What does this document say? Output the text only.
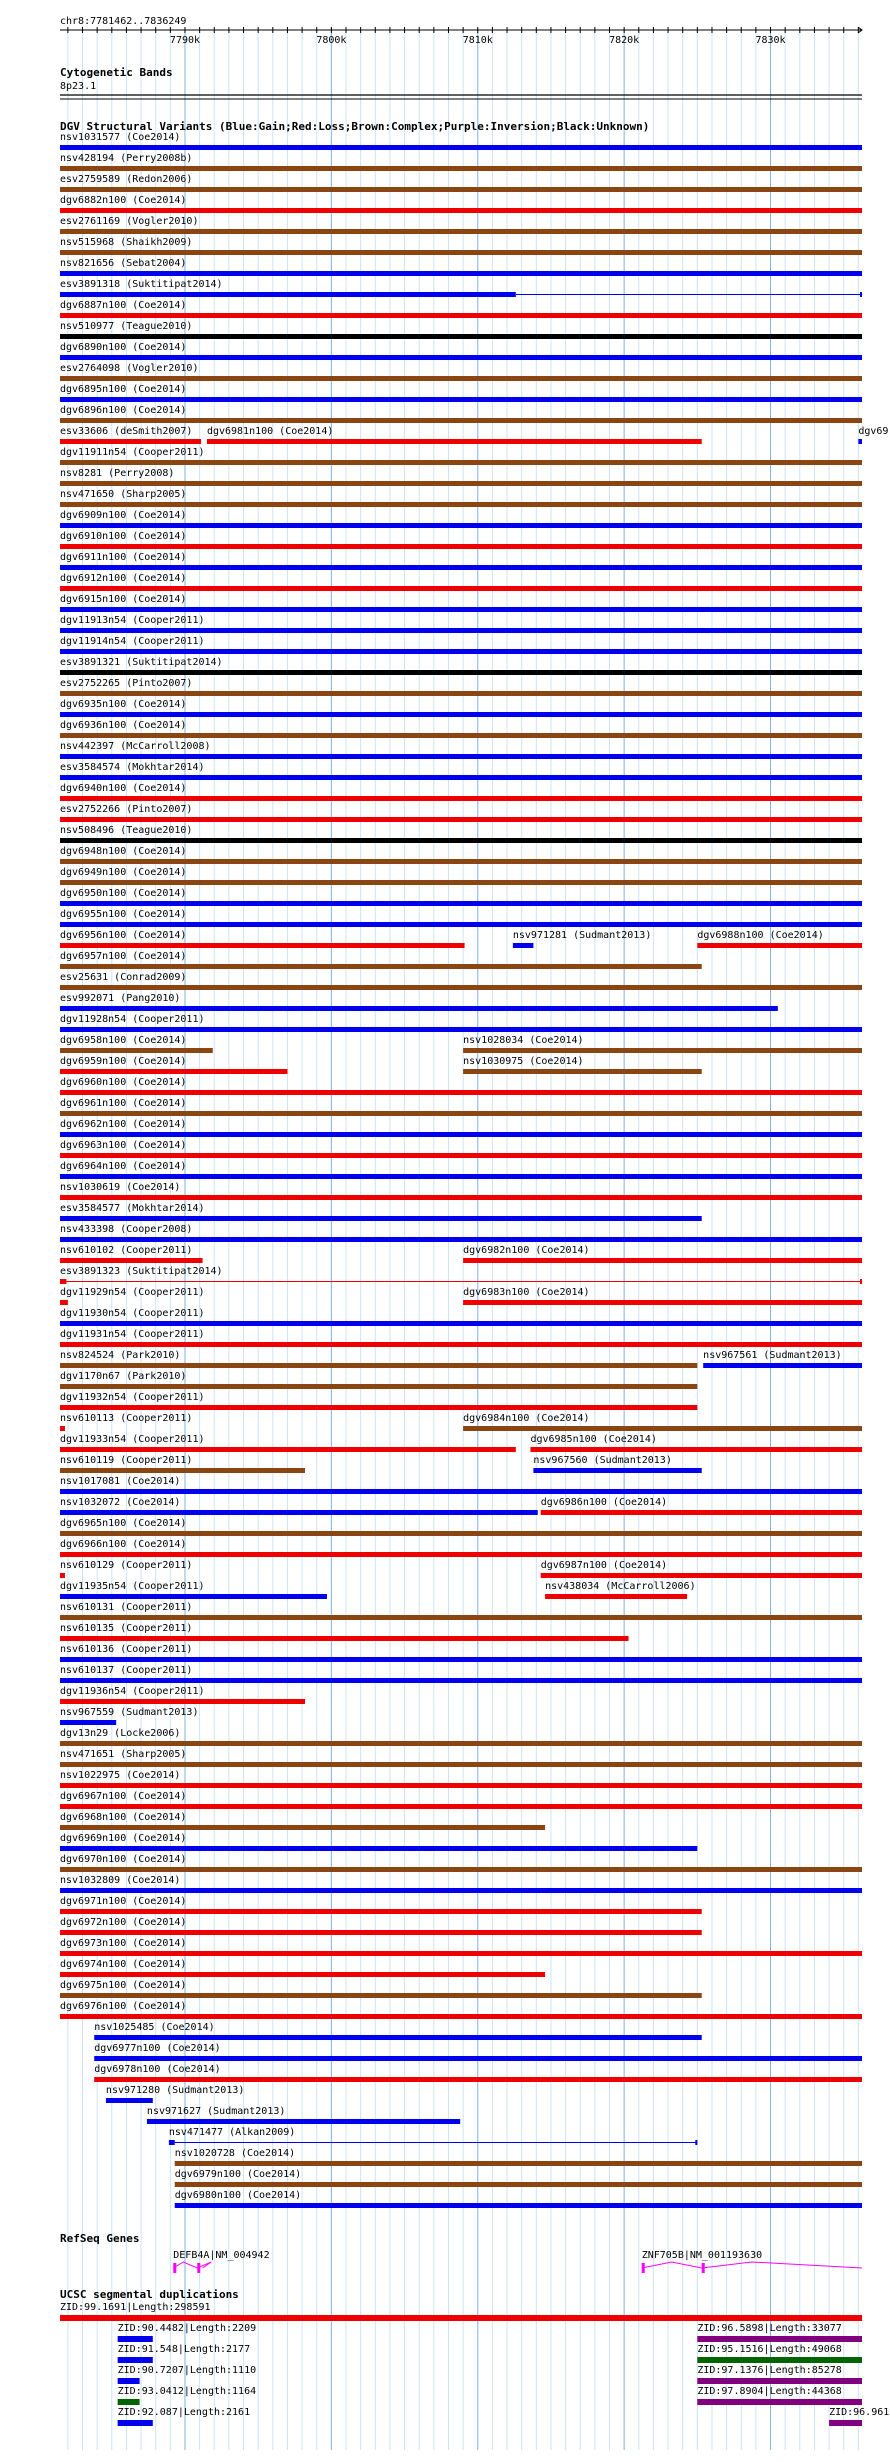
chr8:7781462..7836249
7790k	7800k	7810k	7820k	7830k
Cytogenetic Bands
8p23.1
DGV Structural Variants (Blue:Gain;Red:Loss;Brown:Complex;Purple:Inversion;Black:Unknown)
nsv1031577 (Coe2014)
nsv428194 (Perry2008b)
esv2759589 (Redon2006)
dgv6882n100 (Coe2014)
esv2761169 (Vogler2010)
nsv515968 (Shaikh2009)
nsv821656 (Sebat2004)
esv3891318 (Suktitipat2014)
dgv6887n100 (Coe2014)
nsv510977 (Teague2010)
dgv6890n100 (Coe2014)
esv2764098 (Vogler2010)
dgv6895n100 (Coe2014)
dgv6896n100 (Coe2014)
esv33606 (deSmith2007) dgv6981n100 (Coe2014)	dgv69
dgv11911n54 (Cooper2011)
nsv8281 (Perry2008)
nsv471650 (Sharp2005)
dgv6909n100 (Coe2014)
dgv6910n100 (Coe2014)
dgv6911n100 (Coe2014)
dgv6912n100 (Coe2014)
dgv6915n100 (Coe2014)
dgv11913n54 (Cooper2011)
dgv11914n54 (Cooper2011)
esv3891321 (Suktitipat2014)
esv2752265 (Pinto2007)
dgv6935n100 (Coe2014)
dgv6936n100 (Coe2014)
nsv442397 (McCarroll2008)
esv3584574 (Mokhtar2014)
dgv6940n100 (Coe2014)
esv2752266 (Pinto2007)
nsv508496 (Teague2010)
dgv6948n100 (Coe2014)
dgv6949n100 (Coe2014)
dgv6950n100 (Coe2014)
dgv6955n100 (Coe2014)
dgv6956n100 (Coe2014)	nsv971281 (Sudmant2013)	dgv6988n100 (Coe2014)
dgv6957n100 (Coe2014)
esv25631 (Conrad2009)
esv992071 (Pang2010)
dgv11928n54 (Cooper2011)
dgv6958n100 (Coe2014)	nsv1028034 (Coe2014)
dgv6959n100 (Coe2014)	nsv1030975 (Coe2014)
dgv6960n100 (Coe2014)
dgv6961n100 (Coe2014)
dgv6962n100 (Coe2014)
dgv6963n100 (Coe2014)
dgv6964n100 (Coe2014)
nsv1030619 (Coe2014)
esv3584577 (Mokhtar2014)
nsv433398 (Cooper2008)
nsv610102 (Cooper2011)	dgv6982n100 (Coe2014)
esv3891323 (Suktitipat2014)
dgv11929n54 (Cooper2011)	dgv6983n100 (Coe2014)
dgv11930n54 (Cooper2011)
dgv11931n54 (Cooper2011)
nsv824524 (Park2010)	nsv967561 (Sudmant2013)
dgv1170n67 (Park2010)
dgv11932n54 (Cooper2011)
nsv610113 (Cooper2011)	dgv6984n100 (Coe2014)
dgv11933n54 (Cooper2011)	dgv6985n100 (Coe2014)
nsv610119 (Cooper2011)	nsv967560 (Sudmant2013)
nsv1017081 (Coe2014)
nsv1032072 (Coe2014)	dgv6986n100 (Coe2014)
dgv6965n100 (Coe2014)
dgv6966n100 (Coe2014)
nsv610129 (Cooper2011)	dgv6987n100 (Coe2014)
dgv11935n54 (Cooper2011)	nsv438034 (McCarroll2006)
nsv610131 (Cooper2011)
nsv610135 (Cooper2011)
nsv610136 (Cooper2011)
nsv610137 (Cooper2011)
dgv11936n54 (Cooper2011)
nsv967559 (Sudmant2013)
dgv13n29 (Locke2006)
nsv471651 (Sharp2005)
nsv1022975 (Coe2014)
dgv6967n100 (Coe2014)
dgv6968n100 (Coe2014)
dgv6969n100 (Coe2014)
dgv6970n100 (Coe2014)
nsv1032809 (Coe2014)
dgv6971n100 (Coe2014)
dgv6972n100 (Coe2014)
dgv6973n100 (Coe2014)
dgv6974n100 (Coe2014)
dgv6975n100 (Coe2014)
dgv6976n100 (Coe2014)
nsv1025485 (Coe2014)
dgv6977n100 (Coe2014)
dgv6978n100 (Coe2014)
nsv971280 (Sudmant2013)
nsv971627 (Sudmant2013)
nsv471477 (Alkan2009)
nsv1020728 (Coe2014)
dgv6979n100 (Coe2014)
dgv6980n100 (Coe2014)
RefSeq Genes
DEFB4A|NM_004942	ZNF705B|NM_001193630
UCSC segmental duplications
ZID:99.1691|Length:298591
ZID:90.4482|Length:2209	ZID:96.5898|Length:33077
ZID:91.548|Length:2177	ZID:95.1516|Length:49068
ZID:90.7207|Length:1110	ZID:97.1376|Length:85278
ZID:93.0412|Length:1164	ZID:97.8904|Length:44368
ZID:92.087|Length:2161	ZID:96.961
